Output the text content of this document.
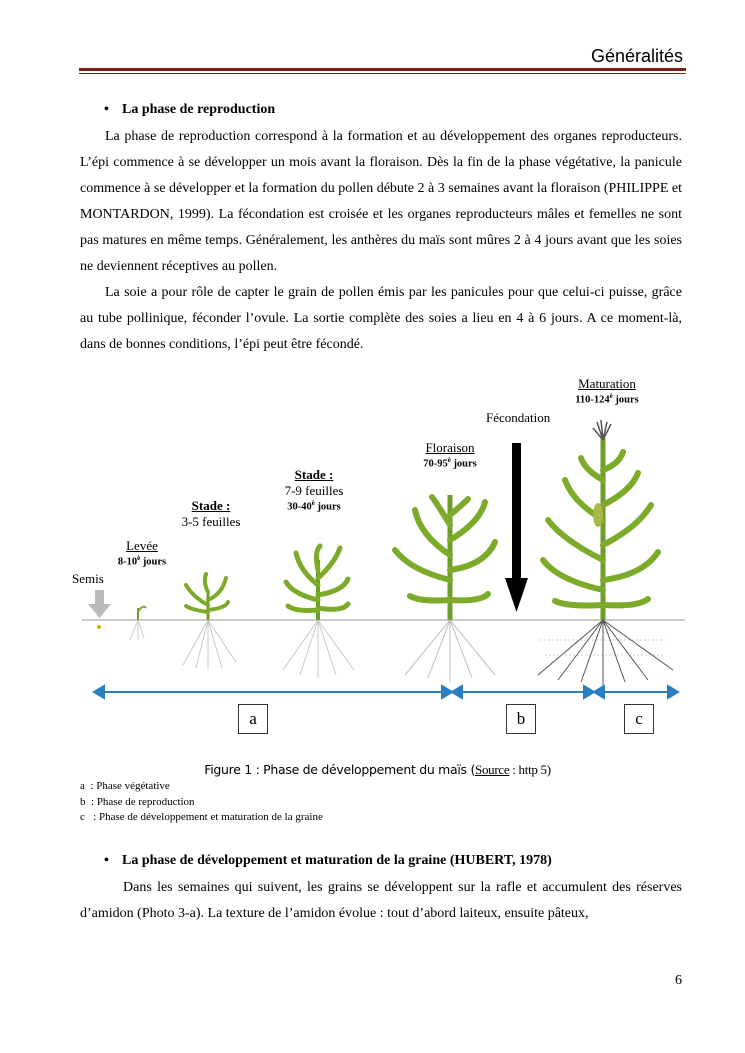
Généralités
• La phase de reproduction

La phase de reproduction correspond à la formation et au développement des organes reproducteurs. L’épi commence à se développer un mois avant la floraison. Dès la fin de la phase végétative, la panicule commence à se développer et la formation du pollen débute 2 à 3 semaines avant la floraison (PHILIPPE et MONTARDON, 1999). La fécondation est croisée et les organes reproducteurs mâles et femelles ne sont pas matures en même temps. Généralement, les anthères du maïs sont mûres 2 à 4 jours avant que les soies ne deviennent réceptives au pollen.

La soie a pour rôle de capter le grain de pollen émis par les panicules pour que celui-ci puisse, grâce au tube pollinique, féconder l’ovule. La sortie complète des soies a lieu en 4 à 6 jours. A ce moment-là, dans de bonnes conditions, l’épi peut être fécondé.

Semis
Levée
$8-10^è$ jours
Stade :
3-5 feuilles
Stade :
7-9 feuilles
$30-40^è$ jours
Floraison
$70-95^è$ jours
Fécondation
Maturation
$110-124^è$ jours
a	b	c
Figure 1 : Phase de développement du maïs (Source : http 5)
a  : Phase végétative
b  : Phase de reproduction
c   : Phase de développement et maturation de la graine
• La phase de développement et maturation de la graine (HUBERT, 1978)

Dans les semaines qui suivent, les grains se développent sur la rafle et accumulent des réserves d’amidon (Photo 3-a). La texture de l’amidon évolue : tout d’abord laiteux, ensuite pâteux,

6
